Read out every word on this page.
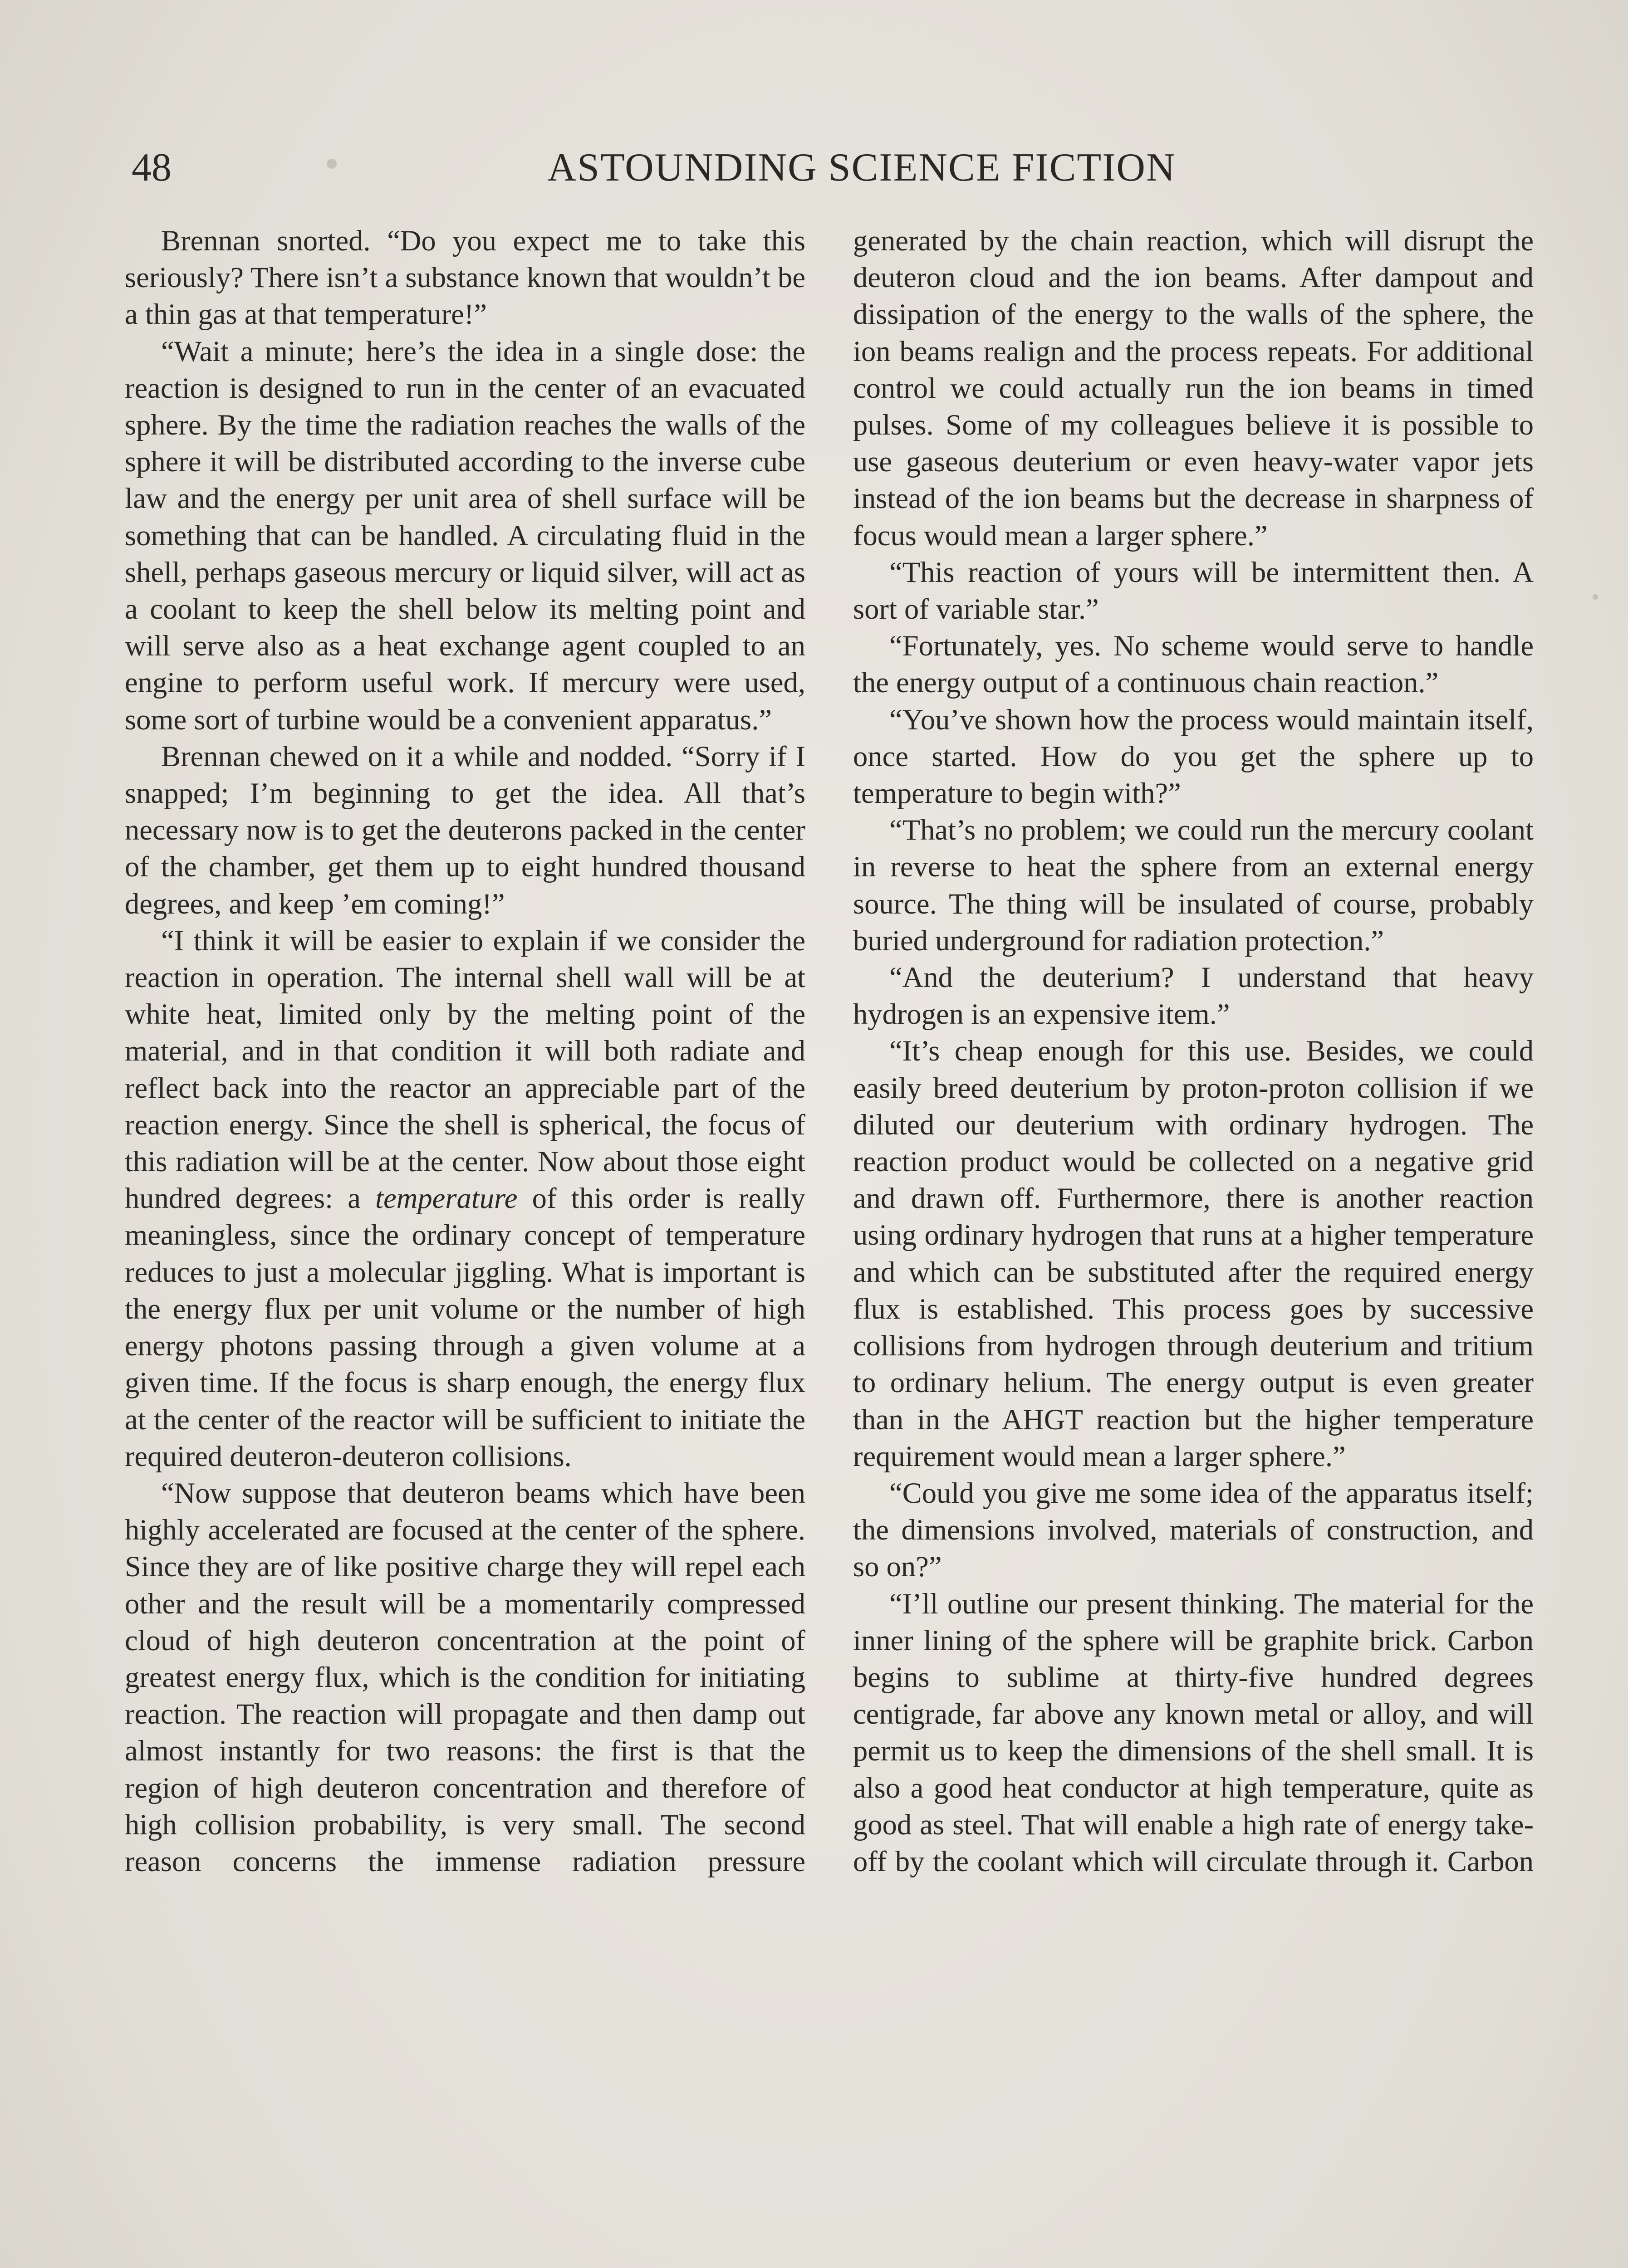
48	ASTOUNDING SCIENCE FICTION

Brennan snorted. “Do you expect me to take this seriously? There isn’t a substance known that wouldn’t be a thin gas at that temperature!”

“Wait a minute; here’s the idea in a single dose: the reaction is designed to run in the center of an evacuated sphere. By the time the radiation reaches the walls of the sphere it will be distributed according to the inverse cube law and the energy per unit area of shell surface will be something that can be handled. A circulating fluid in the shell, perhaps gaseous mercury or liquid silver, will act as a coolant to keep the shell below its melting point and will serve also as a heat exchange agent coupled to an engine to perform useful work. If mercury were used, some sort of turbine would be a convenient apparatus.”

Brennan chewed on it a while and nodded. “Sorry if I snapped; I’m beginning to get the idea. All that’s necessary now is to get the deuterons packed in the center of the chamber, get them up to eight hundred thousand degrees, and keep ’em coming!”

“I think it will be easier to explain if we consider the reaction in operation. The internal shell wall will be at white heat, limited only by the melting point of the material, and in that condition it will both radiate and reflect back into the reactor an appreciable part of the reaction energy. Since the shell is spherical, the focus of this radiation will be at the center. Now about those eight hundred degrees: a temperature of this order is really meaningless, since the ordinary concept of temperature reduces to just a molecular jiggling. What is important is the energy flux per unit volume or the number of high energy photons passing through a given volume at a given time. If the focus is sharp enough, the energy flux at the center of the reactor will be sufficient to initiate the required deuteron-deuteron collisions.

“Now suppose that deuteron beams which have been highly accelerated are focused at the center of the sphere. Since they are of like positive charge they will repel each other and the result will be a momentarily compressed cloud of high deuteron concentration at the point of greatest energy flux, which is the condition for initiating reaction. The reaction will propagate and then damp out almost instantly for two reasons: the first is that the region of high deuteron concentration and therefore of high collision probability, is very small. The second reason concerns the immense radiation pressure

generated by the chain reaction, which will disrupt the deuteron cloud and the ion beams. After dampout and dissipation of the energy to the walls of the sphere, the ion beams realign and the process repeats. For additional control we could actually run the ion beams in timed pulses. Some of my colleagues believe it is possible to use gaseous deuterium or even heavy-water vapor jets instead of the ion beams but the decrease in sharpness of focus would mean a larger sphere.”

“This reaction of yours will be intermittent then. A sort of variable star.”

“Fortunately, yes. No scheme would serve to handle the energy output of a continuous chain reaction.”

“You’ve shown how the process would maintain itself, once started. How do you get the sphere up to temperature to begin with?”

“That’s no problem; we could run the mercury coolant in reverse to heat the sphere from an external energy source. The thing will be insulated of course, probably buried underground for radiation protection.”

“And the deuterium? I understand that heavy hydrogen is an expensive item.”

“It’s cheap enough for this use. Besides, we could easily breed deuterium by proton-proton collision if we diluted our deuterium with ordinary hydrogen. The reaction product would be collected on a negative grid and drawn off. Furthermore, there is another reaction using ordinary hydrogen that runs at a higher temperature and which can be substituted after the required energy flux is established. This process goes by successive collisions from hydrogen through deuterium and tritium to ordinary helium. The energy output is even greater than in the AHGT reaction but the higher temperature requirement would mean a larger sphere.”

“Could you give me some idea of the apparatus itself; the dimensions involved, materials of construction, and so on?”

“I’ll outline our present thinking. The material for the inner lining of the sphere will be graphite brick. Carbon begins to sublime at thirty-five hundred degrees centigrade, far above any known metal or alloy, and will permit us to keep the dimensions of the shell small. It is also a good heat conductor at high temperature, quite as good as steel. That will enable a high rate of energy take-off by the coolant which will circulate through it. Carbon
